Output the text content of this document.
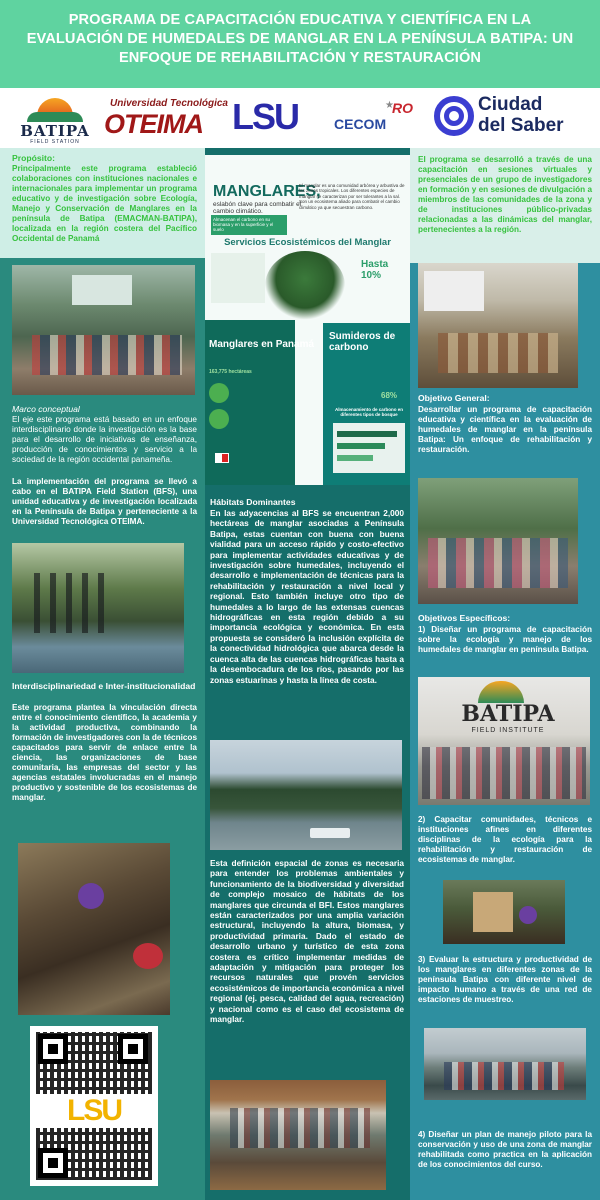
PROGRAMA DE CAPACITACIÓN EDUCATIVA Y CIENTÍFICA EN LA EVALUACIÓN DE HUMEDALES DE MANGLAR EN LA PENÍNSULA BATIPA: UN ENFOQUE DE REHABILITACIÓN Y RESTAURACIÓN
BATIPA
FIELD STATION
Universidad Tecnológica
OTEIMA LSU	CECOM
★
RO	Ciudad
del Saber
Propósito:
Principalmente este programa estableció colaboraciones con instituciones nacionales e internacionales para implementar un programa educativo y de investigación sobre Ecología, Manejo y Conservación de Manglares en la península de Batipa (EMACMAN-BATIPA), localizada en la región costera del Pacífico Occidental de Panamá
Marco conceptual
El eje este programa está basado en un enfoque interdisciplinario donde la investigación es la base para el desarrollo de iniciativas de enseñanza, producción de conocimientos y servicio a la sociedad de la región occidental panameña.
La implementación del programa se llevó a cabo en el BATIPA Field Station (BFS), una unidad educativa y de investigación localizada en la Península de Batipa y perteneciente a la Universidad Tecnológica OTEIMA.
Interdisciplinariedad e Inter-institucionalidad
Este programa plantea la vinculación directa entre el conocimiento científico, la academia y la actividad productiva, combinando la formación de investigadores con la de técnicos capacitados para servir de enlace entre la ciencia, las organizaciones de base comunitaria, las empresas del sector y las agencias estatales involucradas en el manejo productivo y sostenible de los ecosistemas de manglar.
LSU
MANGLARES,
eslabón clave para combatir el cambio climático.
Almacenan el carbono en su biomasa y en la superficie y el suelo
El manglar es una comunidad arbórea y arbustiva de las zonas tropicales. Los diferentes especies de manglar se caracterizan por ser tolerantes a la sal. Son un ecosistema aliado para combatir el cambio climático ya que secuestran carbono.
Servicios Ecosistémicos del Manglar
Hasta 10%
Manglares en Panamá
163,775 hectáreas
Sumideros de carbono
68%
Almacenamiento de carbono en diferentes tipos de bosque
Hábitats Dominantes
En las adyacencias al BFS se encuentran 2,000 hectáreas de manglar asociadas a Península Batipa, estas cuentan con buena con buena vialidad para un acceso rápido y costo-efectivo para implementar actividades educativas y de investigación sobre humedales, incluyendo el desarrollo e implementación de técnicas para la rehabilitación y restauración a nivel local y regional. Esto también incluye otro tipo de humedales a lo largo de las extensas cuencas hidrográficas en esta región debido a su importancia ecológica y económica. En esta propuesta se consideró la inclusión explícita de la conectividad hidrológica que abarca desde la cuenca alta de las cuencas hidrográficas hasta a la desembocadura de los ríos, pasando por las zonas estuarinas y hasta la línea de costa.
Esta definición espacial de zonas es necesaria para entender los problemas ambientales y funcionamiento de la biodiversidad y diversidad de complejo mosaico de hábitats de los manglares que circunda el BFI. Estos manglares están caracterizados por una amplia variación estructural, incluyendo la altura, biomasa, y productividad primaria. Dado el estado de desarrollo urbano y turístico de esta zona costera es crítico implementar medidas de adaptación y mitigación para proteger los recursos naturales que provén servicios ecosistémicos de importancia económica a nivel regional (ej. pesca, calidad del agua, recreación) y nacional como es el caso del ecosistema de manglar.
El programa se desarrolló a través de una capacitación en sesiones virtuales y presenciales de un grupo de investigadores en formación y en sesiones de divulgación a miembros de las comunidades de la zona y de instituciones público-privadas relacionadas a las dinámicas del manglar, pertenecientes a la región.
Objetivo General:
Desarrollar un programa de capacitación educativa y científica en la evaluación de humedales de manglar en la península Batipa: Un enfoque de rehabilitación y restauración.
Objetivos Específicos:
1) Diseñar un programa de capacitación sobre la ecología y manejo de los humedales de manglar en península Batipa.
BATIPA
FIELD INSTITUTE
2) Capacitar comunidades, técnicos e instituciones afines en diferentes disciplinas de la ecología para la rehabilitación y restauración de ecosistemas de manglar.
3) Evaluar la estructura y productividad de los manglares en diferentes zonas de la península Batipa con diferente nivel de impacto humano a través de una red de estaciones de muestreo.
4) Diseñar un plan de manejo piloto para la conservación y uso de una zona de manglar rehabilitada como practica en la aplicación de los conocimientos del curso.
